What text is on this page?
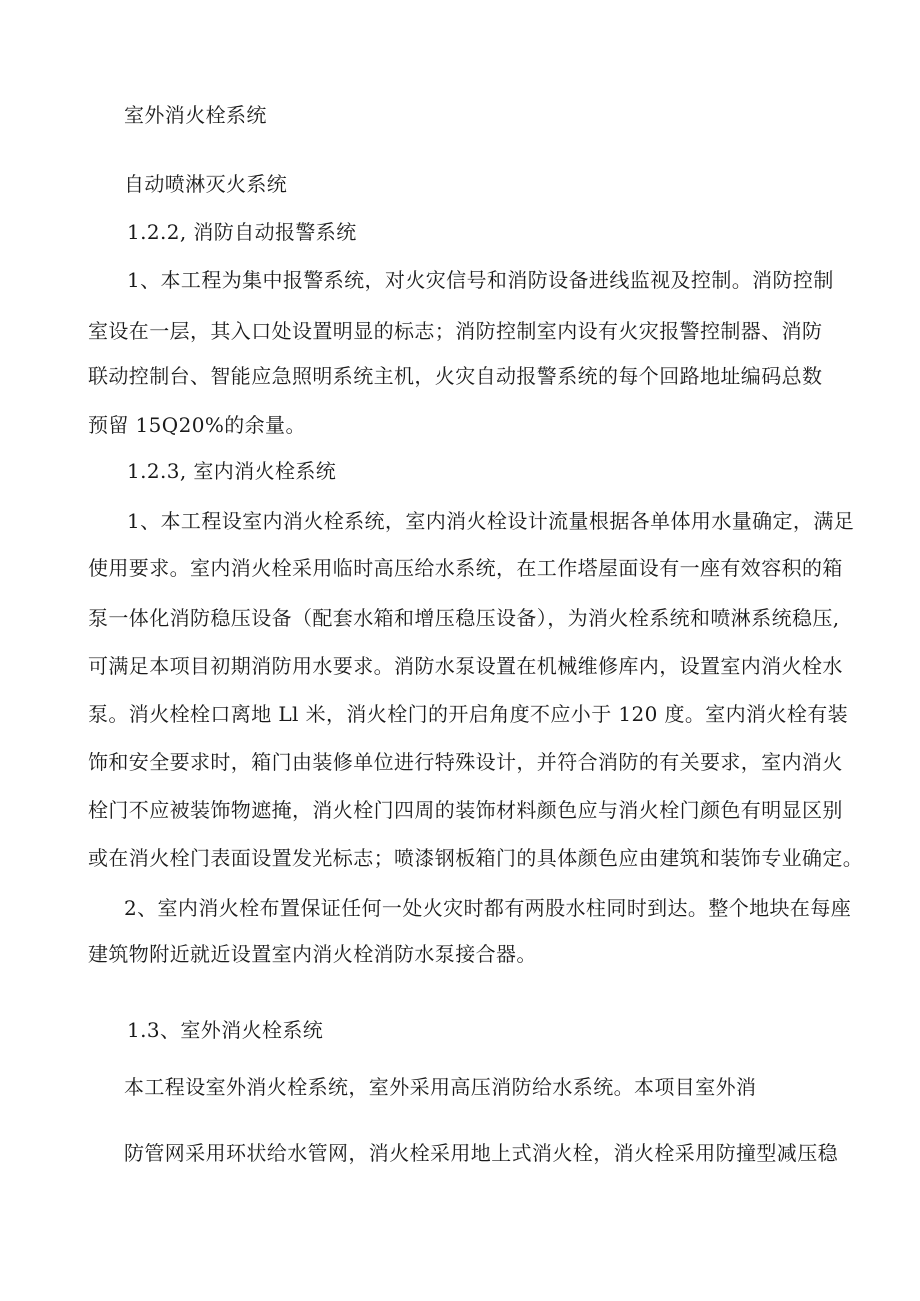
室外消火栓系统
自动喷淋灭火系统
1.2.2, 消防自动报警系统
1、本工程为集中报警系统，对火灾信号和消防设备进线监视及控制。消防控制
室设在一层，其入口处设置明显的标志；消防控制室内设有火灾报警控制器、消防
联动控制台、智能应急照明系统主机，火灾自动报警系统的每个回路地址编码总数
预留 15Q20%的余量。
1.2.3, 室内消火栓系统
1、本工程设室内消火栓系统，室内消火栓设计流量根据各单体用水量确定，满足
使用要求。室内消火栓采用临时高压给水系统，在工作塔屋面设有一座有效容积的箱
泵一体化消防稳压设备（配套水箱和增压稳压设备），为消火栓系统和喷淋系统稳压,
可满足本项目初期消防用水要求。消防水泵设置在机械维修库内，设置室内消火栓水
泵。消火栓栓口离地 Ll 米，消火栓门的开启角度不应小于 120 度。室内消火栓有装
饰和安全要求时，箱门由装修单位进行特殊设计，并符合消防的有关要求，室内消火
栓门不应被装饰物遮掩，消火栓门四周的装饰材料颜色应与消火栓门颜色有明显区别
或在消火栓门表面设置发光标志；喷漆钢板箱门的具体颜色应由建筑和装饰专业确定。
2、室内消火栓布置保证任何一处火灾时都有两股水柱同时到达。整个地块在每座
建筑物附近就近设置室内消火栓消防水泵接合器。
1.3、室外消火栓系统
本工程设室外消火栓系统，室外采用高压消防给水系统。本项目室外消
防管网采用环状给水管网，消火栓采用地上式消火栓，消火栓采用防撞型减压稳
